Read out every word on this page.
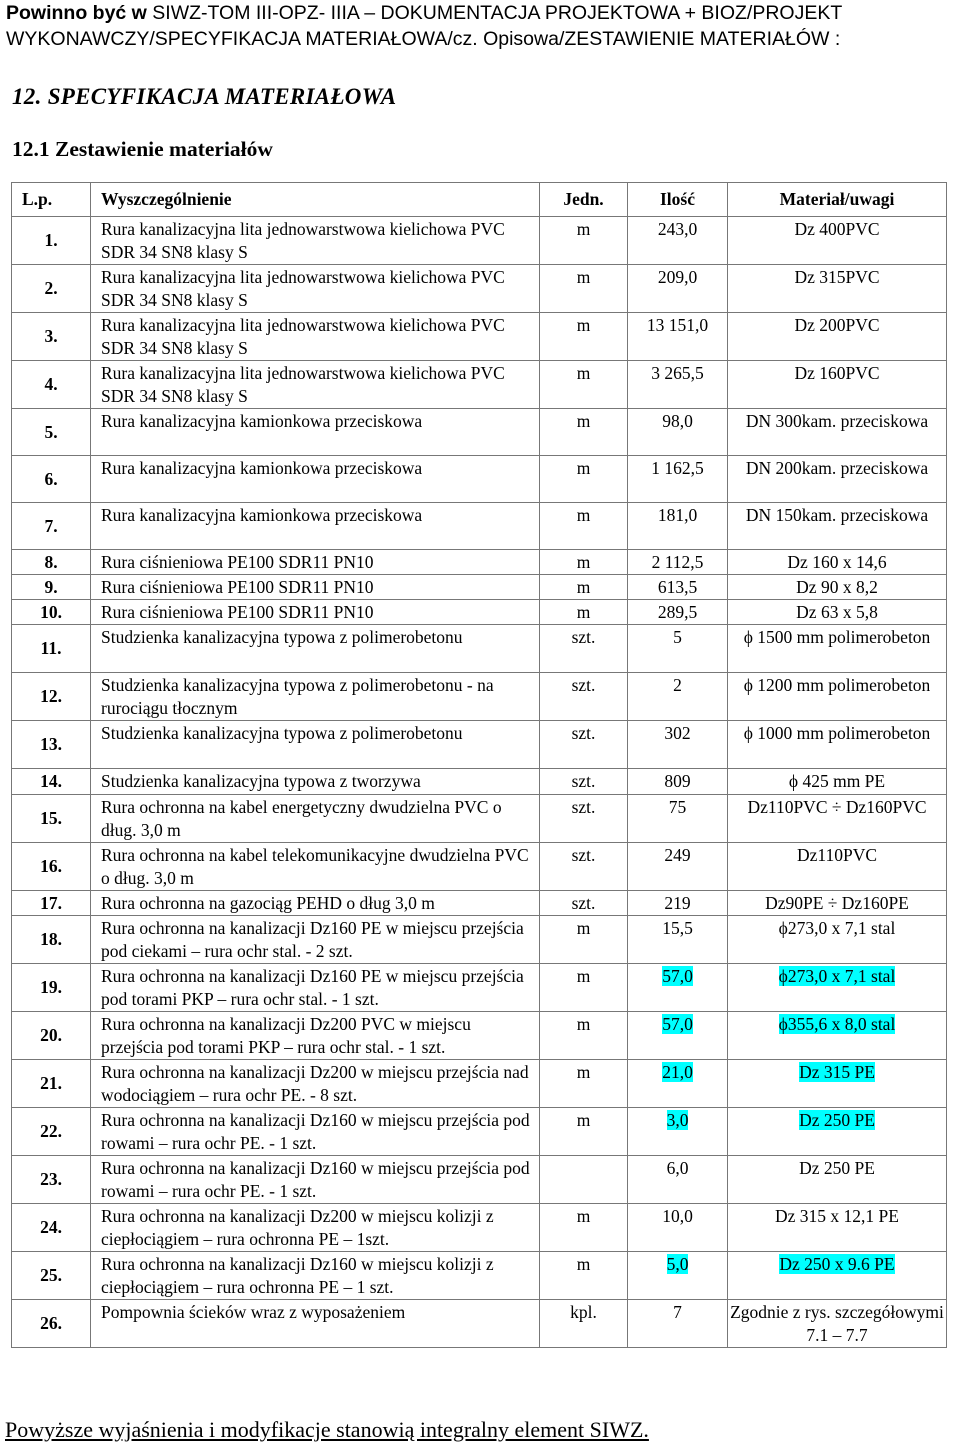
Powinno być w SIWZ-TOM III-OPZ- IIIA – DOKUMENTACJA PROJEKTOWA + BIOZ/PROJEKT WYKONAWCZY/SPECYFIKACJA MATERIAŁOWA/cz. Opisowa/ZESTAWIENIE MATERIAŁÓW :
12. SPECYFIKACJA MATERIAŁOWA
12.1 Zestawienie materiałów
L.p.	Wyszczególnienie	Jedn.	Ilość	Materiał/uwagi
1.	Rura kanalizacyjna lita jednowarstwowa kielichowa PVC SDR 34 SN8 klasy S	m	243,0	Dz 400PVC
2.	Rura kanalizacyjna lita jednowarstwowa kielichowa PVC SDR 34 SN8 klasy S	m	209,0	Dz 315PVC
3.	Rura kanalizacyjna lita jednowarstwowa kielichowa PVC SDR 34 SN8 klasy S	m	13 151,0	Dz 200PVC
4.	Rura kanalizacyjna lita jednowarstwowa kielichowa PVC SDR 34 SN8 klasy S	m	3 265,5	Dz 160PVC
5.	Rura kanalizacyjna kamionkowa przeciskowa	m	98,0	DN 300kam. przeciskowa
6.	Rura kanalizacyjna kamionkowa przeciskowa	m	1 162,5	DN 200kam. przeciskowa
7.	Rura kanalizacyjna kamionkowa przeciskowa	m	181,0	DN 150kam. przeciskowa
8.	Rura ciśnieniowa PE100 SDR11 PN10	m	2 112,5	Dz 160 x 14,6
9.	Rura ciśnieniowa PE100 SDR11 PN10	m	613,5	Dz 90 x 8,2
10.	Rura ciśnieniowa PE100 SDR11 PN10	m	289,5	Dz 63 x 5,8
11.	Studzienka kanalizacyjna typowa z polimerobetonu	szt.	5	ϕ 1500 mm polimerobeton
12.	Studzienka kanalizacyjna typowa z polimerobetonu - na rurociągu tłocznym	szt.	2	ϕ 1200 mm polimerobeton
13.	Studzienka kanalizacyjna typowa z polimerobetonu	szt.	302	ϕ 1000 mm polimerobeton
14.	Studzienka kanalizacyjna typowa z tworzywa	szt.	809	ϕ 425 mm PE
15.	Rura ochronna na kabel energetyczny dwudzielna PVC o dług. 3,0 m	szt.	75	Dz110PVC ÷ Dz160PVC
16.	Rura ochronna na kabel telekomunikacyjne dwudzielna PVC o dług. 3,0 m	szt.	249	Dz110PVC
17.	Rura ochronna na gazociąg PEHD o dług 3,0 m	szt.	219	Dz90PE ÷ Dz160PE
18.	Rura ochronna na kanalizacji Dz160 PE w miejscu przejścia pod ciekami – rura ochr stal. - 2 szt.	m	15,5	ϕ273,0 x 7,1 stal
19.	Rura ochronna na kanalizacji Dz160 PE w miejscu przejścia pod torami PKP – rura ochr stal. - 1 szt.	m	57,0	ϕ273,0 x 7,1 stal
20.	Rura ochronna na kanalizacji Dz200 PVC w miejscu przejścia pod torami PKP – rura ochr stal. - 1 szt.	m	57,0	ϕ355,6 x 8,0 stal
21.	Rura ochronna na kanalizacji Dz200 w miejscu przejścia nad wodociągiem – rura ochr PE. - 8 szt.	m	21,0	Dz 315 PE
22.	Rura ochronna na kanalizacji Dz160 w miejscu przejścia pod rowami – rura ochr PE. - 1 szt.	m	3,0	Dz 250 PE
23.	Rura ochronna na kanalizacji Dz160 w miejscu przejścia pod rowami – rura ochr PE. - 1 szt.		6,0	Dz 250 PE
24.	Rura ochronna na kanalizacji Dz200 w miejscu kolizji z ciepłociągiem – rura ochronna PE – 1szt.	m	10,0	Dz 315 x 12,1 PE
25.	Rura ochronna na kanalizacji Dz160 w miejscu kolizji z ciepłociągiem – rura ochronna PE – 1 szt.	m	5,0	Dz 250 x 9.6 PE
26.	Pompownia ścieków wraz z wyposażeniem	kpl.	7	Zgodnie z rys. szczegółowymi 7.1 – 7.7
Powyższe wyjaśnienia i modyfikacje stanowią integralny element SIWZ.
